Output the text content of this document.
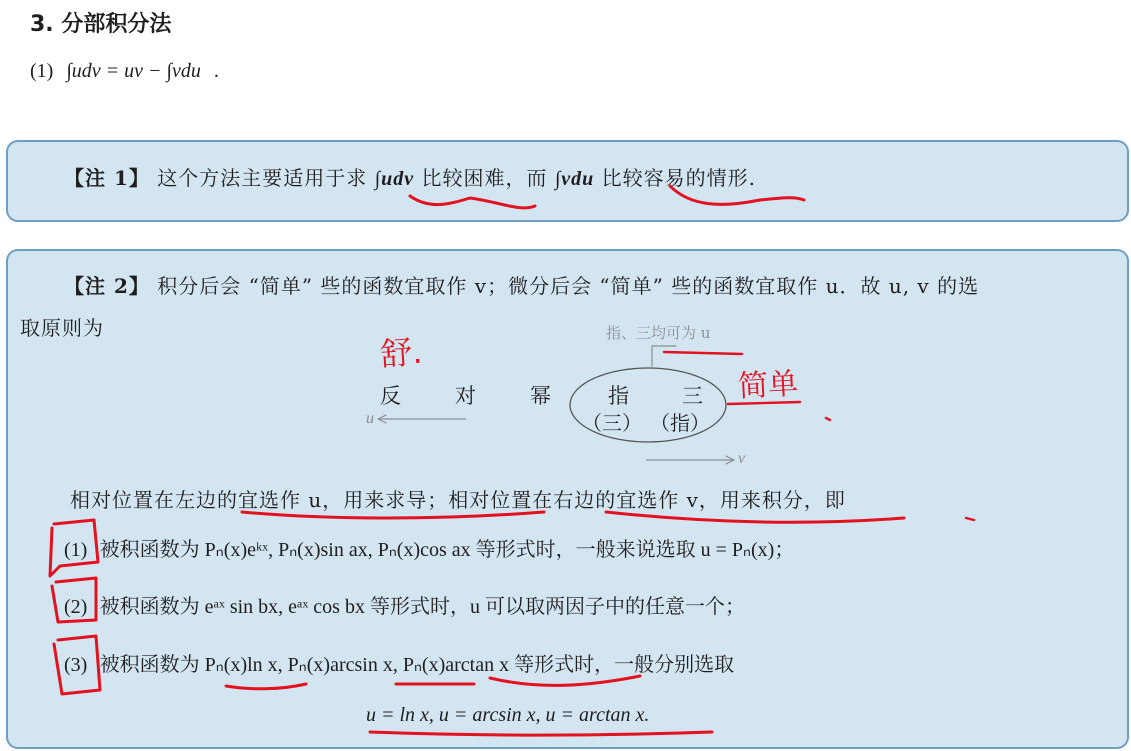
3. 分部积分法
(1) ∫udv = uv − ∫vdu .
【注 1】 这个方法主要适用于求 ∫udv 比较困难，而 ∫vdu 比较容易的情形.
【注 2】 积分后会 “简单” 些的函数宜取作 v；微分后会 “简单” 些的函数宜取作 u．故 u, v 的选
取原则为	指、三均可为 u
反	对	幂	指	三
（三） （指）
u
v
相对位置在左边的宜选作 u，用来求导；相对位置在右边的宜选作 v，用来积分，即
(1) 被积函数为 Pₙ(x)eᵏˣ, Pₙ(x)sin ax, Pₙ(x)cos ax 等形式时，一般来说选取 u = Pₙ(x)；
(2) 被积函数为 eᵃˣ sin bx, eᵃˣ cos bx 等形式时，u 可以取两因子中的任意一个；
(3) 被积函数为 Pₙ(x)ln x, Pₙ(x)arcsin x, Pₙ(x)arctan x 等形式时，一般分别选取
u = ln x, u = arcsin x, u = arctan x.
舒.
简单
